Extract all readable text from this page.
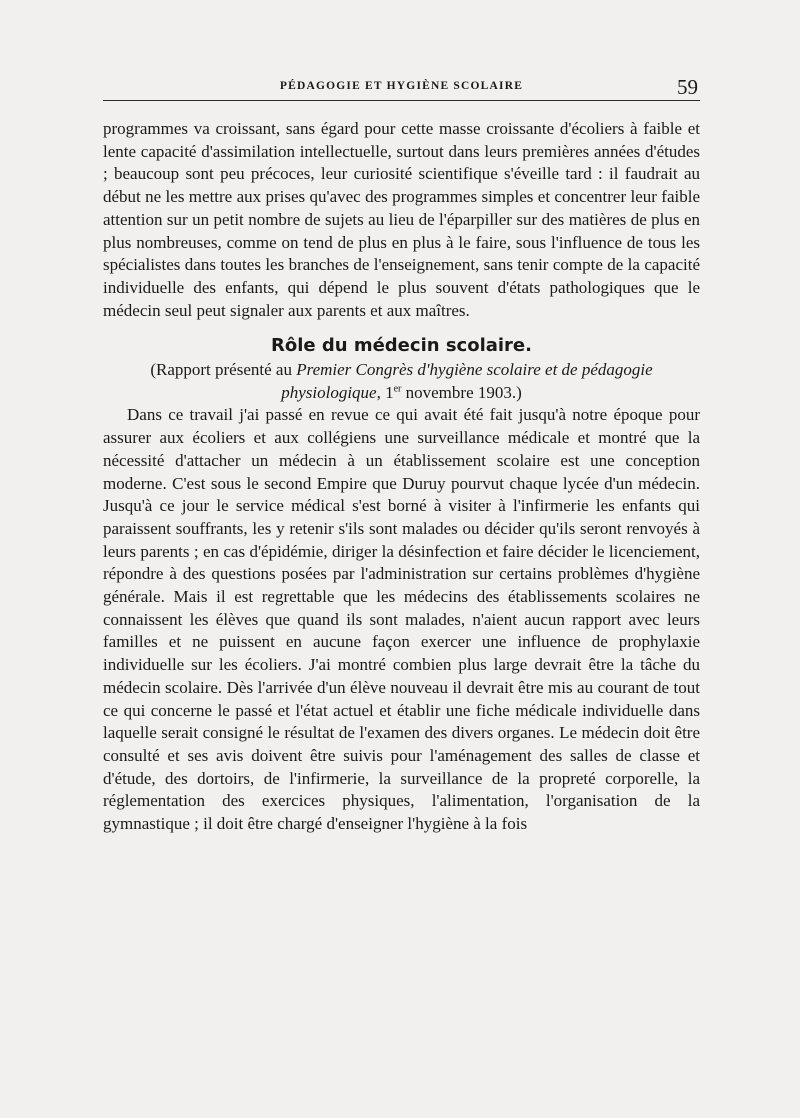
PÉDAGOGIE ET HYGIÈNE SCOLAIRE	59

programmes va croissant, sans égard pour cette masse croissante d'écoliers à faible et lente capacité d'assimilation intellectuelle, surtout dans leurs premières années d'études ; beaucoup sont peu précoces, leur curiosité scientifique s'éveille tard : il faudrait au début ne les mettre aux prises qu'avec des programmes simples et concentrer leur faible attention sur un petit nombre de sujets au lieu de l'éparpiller sur des matières de plus en plus nombreuses, comme on tend de plus en plus à le faire, sous l'influence de tous les spécialistes dans toutes les branches de l'enseignement, sans tenir compte de la capacité individuelle des enfants, qui dépend le plus souvent d'états pathologiques que le médecin seul peut signaler aux parents et aux maîtres.

Rôle du médecin scolaire.

(Rapport présenté au Premier Congrès d'hygiène scolaire et de pédagogie physiologique, 1er novembre 1903.)

Dans ce travail j'ai passé en revue ce qui avait été fait jusqu'à notre époque pour assurer aux écoliers et aux collégiens une surveillance médicale et montré que la nécessité d'attacher un médecin à un établissement scolaire est une conception moderne. C'est sous le second Empire que Duruy pourvut chaque lycée d'un médecin. Jusqu'à ce jour le service médical s'est borné à visiter à l'infirmerie les enfants qui paraissent souffrants, les y retenir s'ils sont malades ou décider qu'ils seront renvoyés à leurs parents ; en cas d'épidémie, diriger la désinfection et faire décider le licenciement, répondre à des questions posées par l'administration sur certains problèmes d'hygiène générale. Mais il est regrettable que les médecins des établissements scolaires ne connaissent les élèves que quand ils sont malades, n'aient aucun rapport avec leurs familles et ne puissent en aucune façon exercer une influence de prophylaxie individuelle sur les écoliers. J'ai montré combien plus large devrait être la tâche du médecin scolaire. Dès l'arrivée d'un élève nouveau il devrait être mis au courant de tout ce qui concerne le passé et l'état actuel et établir une fiche médicale individuelle dans laquelle serait consigné le résultat de l'examen des divers organes. Le médecin doit être consulté et ses avis doivent être suivis pour l'aménagement des salles de classe et d'étude, des dortoirs, de l'infirmerie, la surveillance de la propreté corporelle, la réglementation des exercices physiques, l'alimentation, l'organisation de la gymnastique ; il doit être chargé d'enseigner l'hygiène à la fois
